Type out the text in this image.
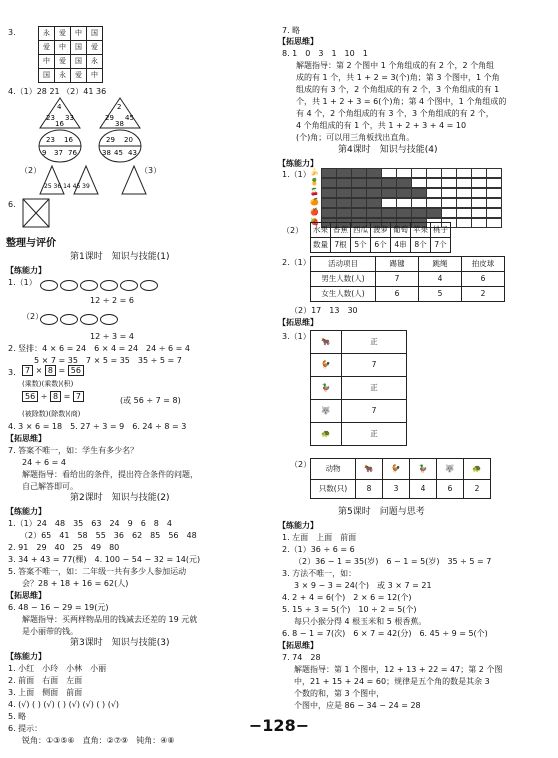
3.	永	爱	中	国
爱	中	国	爱
中	爱	国	永
国	永	爱	中
4.（1）28 21 （2）41 36
4
23
16
33
2
29
38
45
23 16
9 37 76
29 20
38 45 43
（2）
25 36 14 45 39
（3）
6.
整理与评价
第1课时　知识与技能(1)
【练能力】
1.（1）
12 ÷ 2 = 6
（2）
12 ÷ 3 = 4
2. 竖排：4 × 6 = 24　6 × 4 = 24　24 ÷ 6 = 4
5 × 7 = 35　7 × 5 = 35　35 ÷ 5 = 7
3.	7 × 8 = 56
(乘数)(乘数)(积)
56 ÷ 8 = 7	(或 56 ÷ 7 = 8)
(被除数)(除数)(商)
4. 3 × 6 = 18　5. 27 ÷ 3 = 9　6. 24 ÷ 8 = 3
【拓思维】
7. 答案不唯一，如：学生有多少名？
24 ÷ 6 = 4
解题指导：看给出的条件，提出符合条件的问题，
自己解答即可。
第2课时　知识与技能(2)
【练能力】
1.（1）24　48　35　63　24　9　6　8　4
（2）65　41　58　55　36　62　85　56　48
2. 91　29　40　25　49　80
3. 34 + 43 = 77(棵)　4. 100 − 54 − 32 = 14(元)
5. 答案不唯一，如：二年级一共有多少人参加运动
会？28 + 18 + 16 = 62(人)
【拓思维】
6. 48 − 16 − 29 = 19(元)
解题指导：买两样物品用的钱减去还差的 19 元就
是小丽带的钱。
第3课时　知识与技能(3)
【练能力】
1. 小红　小玲　小林　小丽
2. 前面　右面　左面
3. 上面　侧面　前面
4. (√) ( ) (√) ( ) (√) (√) ( ) (√)
5. 略
6. 提示：
锐角：①③⑤⑥　直角：②⑦⑨　钝角：④⑧
7. 略
【拓思维】
8. 1　0　3　1　10　1
解题指导：第 2 个图中 1 个角组成的有 2 个，2 个角组
成的有 1 个，共 1 + 2 = 3(个)角；第 3 个图中，1 个角
组成的有 3 个，2 个角组成的有 2 个，3 个角组成的有 1
个，共 1 + 2 + 3 = 6(个)角；第 4 个图中，1 个角组成的
有 4 个，2 个角组成的有 3 个，3 个角组成的有 2 个，
4 个角组成的有 1 个，共 1 + 2 + 3 + 4 = 10
(个)角；可以用三角板找出直角。
第4课时　知识与技能(4)
【练能力】
1.（1） 🍌
🍍
🍒
🍊
🍎
🍓
（2） 水果	香蕉	西瓜	菠萝	葡萄	苹果	桃子
数量	7根	5个	6个	4串	8个	7个
2.（1） 活动项目	踢毽	跳绳	拍皮球
男生人数(人)	7	4	6
女生人数(人)	6	5	2
（2）17　13　30
【拓思维】
3.（1）
🐂	正
🐓	7
🦆	正
🐺	7
🐢	正
（2） 动物	🐂	🐓	🦆	🐺	🐢
只数(只)	8	3	4	6	2
第5课时　问题与思考
【练能力】
1. 左面　上面　前面
2.（1）36 ÷ 6 = 6
（2）36 − 1 = 35(岁)　6 − 1 = 5(岁)　35 ÷ 5 = 7
3. 方法不唯一，如：
3 × 9 − 3 = 24(个)　或 3 × 7 = 21
4. 2 + 4 = 6(个)　2 × 6 = 12(个)
5. 15 ÷ 3 = 5(个)　10 ÷ 2 = 5(个)
每只小猴分得 4 根玉米和 5 根香蕉。
6. 8 − 1 = 7(次)　6 × 7 = 42(分)　6. 45 ÷ 9 = 5(个)
【拓思维】
7. 74　28
解题指导：第 1 个图中，12 + 13 + 22 = 47；第 2 个图
中，21 + 15 + 24 = 60；规律是五个角的数是其余 3
个数的和，第 3 个图中，
个图中，应是 86 − 34 − 24 = 28
−128−
